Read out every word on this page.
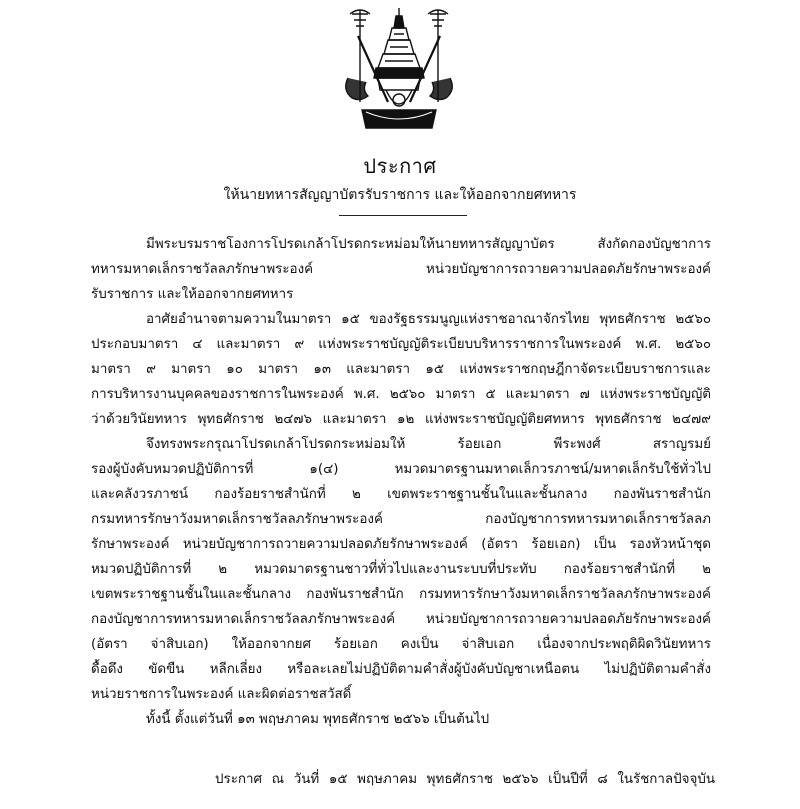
ประกาศ
ให้นายทหารสัญญาบัตรรับราชการ และให้ออกจากยศทหาร
มีพระบรมราชโองการโปรดเกล้าโปรดกระหม่อมให้นายทหารสัญญาบัตร สังกัดกองบัญชาการ
ทหารมหาดเล็กราชวัลลภรักษาพระองค์ หน่วยบัญชาการถวายความปลอดภัยรักษาพระองค์
รับราชการ และให้ออกจากยศทหาร
อาศัยอำนาจตามความในมาตรา ๑๕ ของรัฐธรรมนูญแห่งราชอาณาจักรไทย พุทธศักราช ๒๕๖๐
ประกอบมาตรา ๔ และมาตรา ๙ แห่งพระราชบัญญัติระเบียบบริหารราชการในพระองค์ พ.ศ. ๒๕๖๐
มาตรา ๙ มาตรา ๑๐ มาตรา ๑๓ และมาตรา ๑๕ แห่งพระราชกฤษฎีกาจัดระเบียบราชการและ
การบริหารงานบุคคลของราชการในพระองค์ พ.ศ. ๒๕๖๐ มาตรา ๕ และมาตรา ๗ แห่งพระราชบัญญัติ
ว่าด้วยวินัยทหาร พุทธศักราช ๒๔๗๖ และมาตรา ๑๒ แห่งพระราชบัญญัติยศทหาร พุทธศักราช ๒๔๗๙
จึงทรงพระกรุณาโปรดเกล้าโปรดกระหม่อมให้ ร้อยเอก พีระพงศ์ สราญรมย์
รองผู้บังคับหมวดปฏิบัติการที่ ๑(๔) หมวดมาตรฐานมหาดเล็กวรภาชน์/มหาดเล็กรับใช้ทั่วไป
และคลังวรภาชน์ กองร้อยราชสำนักที่ ๒ เขตพระราชฐานชั้นในและชั้นกลาง กองพันราชสำนัก
กรมทหารรักษาวังมหาดเล็กราชวัลลภรักษาพระองค์ กองบัญชาการทหารมหาดเล็กราชวัลลภ
รักษาพระองค์ หน่วยบัญชาการถวายความปลอดภัยรักษาพระองค์ (อัตรา ร้อยเอก) เป็น รองหัวหน้าชุด
หมวดปฏิบัติการที่ ๒ หมวดมาตรฐานชาวที่ทั่วไปและงานระบบที่ประทับ กองร้อยราชสำนักที่ ๒
เขตพระราชฐานชั้นในและชั้นกลาง กองพันราชสำนัก กรมทหารรักษาวังมหาดเล็กราชวัลลภรักษาพระองค์
กองบัญชาการทหารมหาดเล็กราชวัลลภรักษาพระองค์ หน่วยบัญชาการถวายความปลอดภัยรักษาพระองค์
(อัตรา จ่าสิบเอก) ให้ออกจากยศ ร้อยเอก คงเป็น จ่าสิบเอก เนื่องจากประพฤติผิดวินัยทหาร
ดื้อดึง ขัดขืน หลีกเลี่ยง หรือละเลยไม่ปฏิบัติตามคำสั่งผู้บังคับบัญชาเหนือตน ไม่ปฏิบัติตามคำสั่ง
หน่วยราชการในพระองค์ และผิดต่อราชสวัสดิ์
ทั้งนี้ ตั้งแต่วันที่ ๑๓ พฤษภาคม พุทธศักราช ๒๕๖๖ เป็นต้นไป
ประกาศ ณ วันที่ ๑๕ พฤษภาคม พุทธศักราช ๒๕๖๖ เป็นปีที่ ๘ ในรัชกาลปัจจุบัน
